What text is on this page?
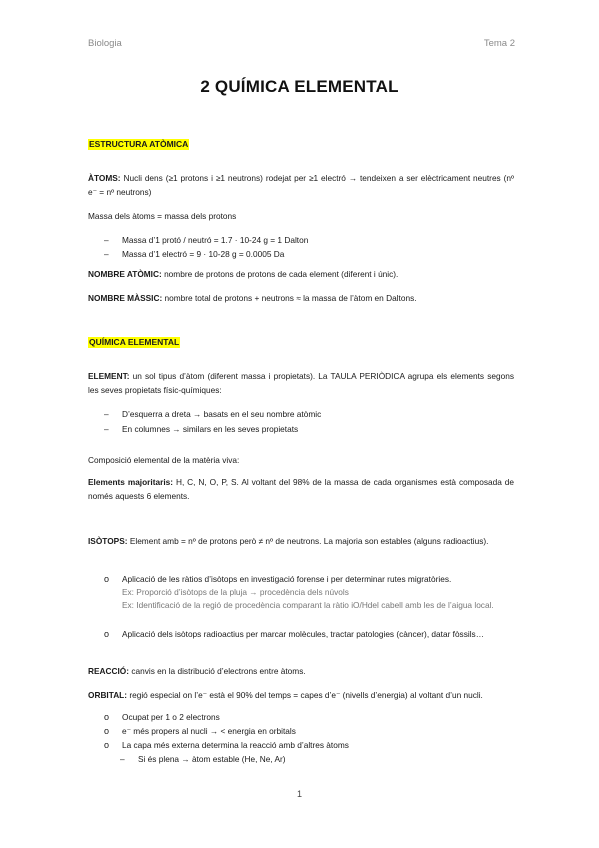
Biologia	Tema 2
2 QUÍMICA ELEMENTAL
ESTRUCTURA ATÒMICA
ÀTOMS: Nucli dens (≥1 protons i ≥1 neutrons) rodejat per ≥1 electró → tendeixen a ser elèctricament neutres (nº e⁻ = nº neutrons)
Massa dels àtoms = massa dels protons
– Massa d’1 protó / neutró = 1.7 · 10-24 g = 1 Dalton
– Massa d’1 electró = 9 · 10-28 g = 0.0005 Da
NOMBRE ATÒMIC: nombre de protons de protons de cada element (diferent i únic).
NOMBRE MÀSSIC: nombre total de protons + neutrons ≈ la massa de l’àtom en Daltons.
QUÍMICA ELEMENTAL
ELEMENT: un sol tipus d’àtom (diferent massa i propietats). La TAULA PERIÒDICA agrupa els elements segons les seves propietats físic-químiques:
– D’esquerra a dreta → basats en el seu nombre atòmic
– En columnes → similars en les seves propietats
Composició elemental de la matèria viva:
Elements majoritaris: H, C, N, O, P, S. Al voltant del 98% de la massa de cada organismes està composada de només aquests 6 elements.
ISÒTOPS: Element amb = nº de protons però ≠ nº de neutrons. La majoria son estables (alguns radioactius).
o Aplicació de les ràtios d’isòtops en investigació forense i per determinar rutes migratòries.
Ex: Proporció d’isòtops de la pluja → procedència dels núvols
Ex: Identificació de la regió de procedència comparant la ràtio iO/Hdel cabell amb les de l’aigua local.
o Aplicació dels isòtops radioactius per marcar molècules, tractar patologies (càncer), datar fòssils…
REACCIÓ: canvis en la distribució d’electrons entre àtoms.
ORBITAL: regió especial on l’e⁻ està el 90% del temps = capes d’e⁻ (nivells d’energia) al voltant d’un nucli.
o Ocupat per 1 o 2 electrons
o e⁻ més propers al nucli → < energia en orbitals
o La capa més externa determina la reacció amb d’altres àtoms
– Si és plena → àtom estable (He, Ne, Ar)
1
